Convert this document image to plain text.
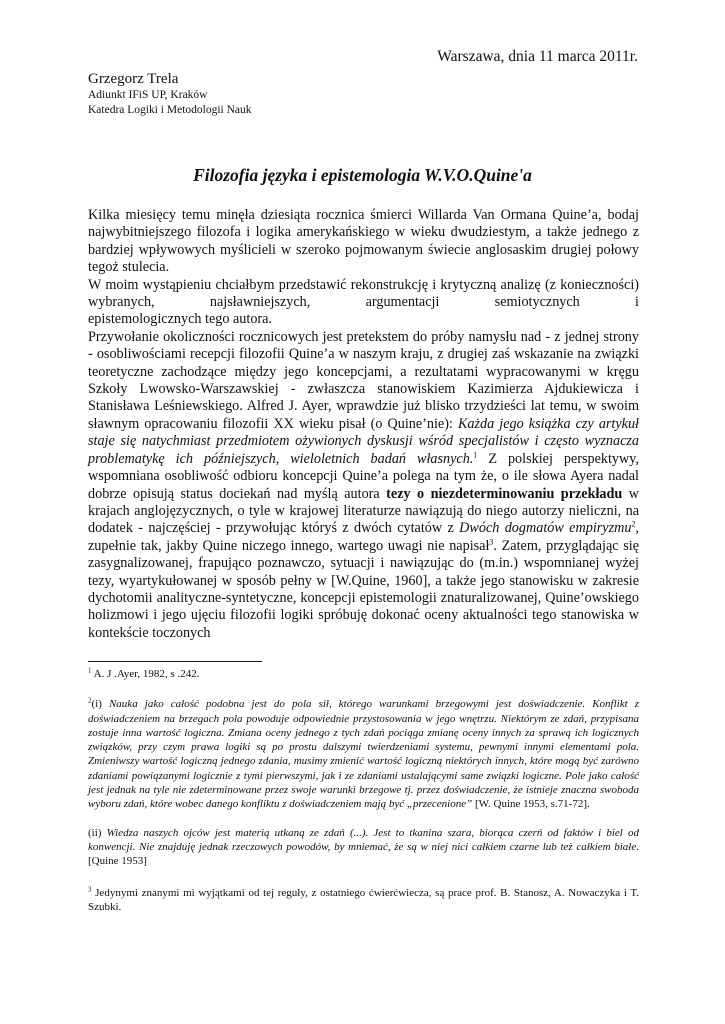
Warszawa, dnia 11 marca 2011r.
Grzegorz Trela
Adiunkt IFiS UP, Kraków
Katedra Logiki i Metodologii Nauk
Filozofia języka i epistemologia W.V.O.Quine'a

Kilka miesięcy temu minęła dziesiąta rocznica śmierci Willarda Van Ormana Quine’a, bodaj najwybitniejszego filozofa i logika amerykańskiego w wieku dwudziestym, a także jednego z bardziej wpływowych myślicieli w szeroko pojmowanym świecie anglosaskim drugiej połowy tegoż stulecia.

W moim wystąpieniu chciałbym przedstawić rekonstrukcję i krytyczną analizę (z konieczności) wybranych, najsławniejszych, argumentacji semiotycznych i

epistemologicznych tego autora.

Przywołanie okoliczności rocznicowych jest pretekstem do próby namysłu nad - z jednej strony - osobliwościami recepcji filozofii Quine’a w naszym kraju, z drugiej zaś wskazanie na związki teoretyczne zachodzące między jego koncepcjami, a rezultatami wypracowanymi w kręgu Szkoły Lwowsko-Warszawskiej - zwłaszcza stanowiskiem Kazimierza Ajdukiewicza i Stanisława Leśniewskiego. Alfred J. Ayer, wprawdzie już blisko trzydzieści lat temu, w swoim sławnym opracowaniu filozofii XX wieku pisał (o Quine’nie): Każda jego książka czy artykuł staje się natychmiast przedmiotem ożywionych dyskusji wśród specjalistów i często wyznacza problematykę ich późniejszych, wieloletnich badań własnych.$^1$ Z polskiej perspektywy, wspomniana osobliwość odbioru koncepcji Quine’a polega na tym że, o ile słowa Ayera nadal dobrze opisują status dociekań nad myślą autora tezy o niezdeterminowaniu przekładu w krajach anglojęzycznych, o tyle w krajowej literaturze nawiązują do niego autorzy nieliczni, na dodatek - najczęściej - przywołując któryś z dwóch cytatów z Dwóch dogmatów empiryzmu$^2$, zupełnie tak, jakby Quine niczego innego, wartego uwagi nie napisał$^3$. Zatem, przyglądając się zasygnalizowanej, frapująco poznawczo, sytuacji i nawiązując do (m.in.) wspomnianej wyżej tezy, wyartykułowanej w sposób pełny w [W.Quine, 1960], a także jego stanowisku w zakresie dychotomii analityczne-syntetyczne, koncepcji epistemologii znaturalizowanej, Quine’owskiego holizmowi i jego ujęciu filozofii logiki spróbuję dokonać oceny aktualności tego stanowiska w kontekście toczonych

$^1$ A. J .Ayer, 1982, s .242.

$^2$(i) Nauka jako całość podobna jest do pola sił, którego warunkami brzegowymi jest doświadczenie. Konflikt z doświadczeniem na brzegach pola powoduje odpowiednie przystosowania w jego wnętrzu. Niektórym ze zdań, przypisana zostaje inna wartość logiczna. Zmiana oceny jednego z tych zdań pociąga zmianę oceny innych za sprawą ich logicznych związków, przy czym prawa logiki są po prostu dalszymi twierdzeniami systemu, pewnymi innymi elementami pola. Zmieniwszy wartość logiczną jednego zdania, musimy zmienić wartość logiczną niektórych innych, które mogą być zarówno zdaniami powiązanymi logicznie z tymi pierwszymi, jak i ze zdaniami ustalającymi same związki logiczne. Pole jako całość jest jednak na tyle nie zdeterminowane przez swoje warunki brzegowe tj. przez doświadczenie, że istnieje znaczna swoboda wyboru zdań, które wobec danego konfliktu z doświadczeniem mają być „przecenione” [W. Quine 1953, s.71-72].

(ii) Wiedza naszych ojców jest materią utkaną ze zdań (...). Jest to tkanina szara, biorąca czerń od faktów i biel od konwencji. Nie znajduję jednak rzeczowych powodów, by mniemać, że są w niej nici całkiem czarne lub też całkiem białe. [Quine 1953]

$^3$ Jedynymi znanymi mi wyjątkami od tej reguły, z ostatniego ćwierćwiecza, są prace prof. B. Stanosz, A. Nowaczyka i T. Szubki.
